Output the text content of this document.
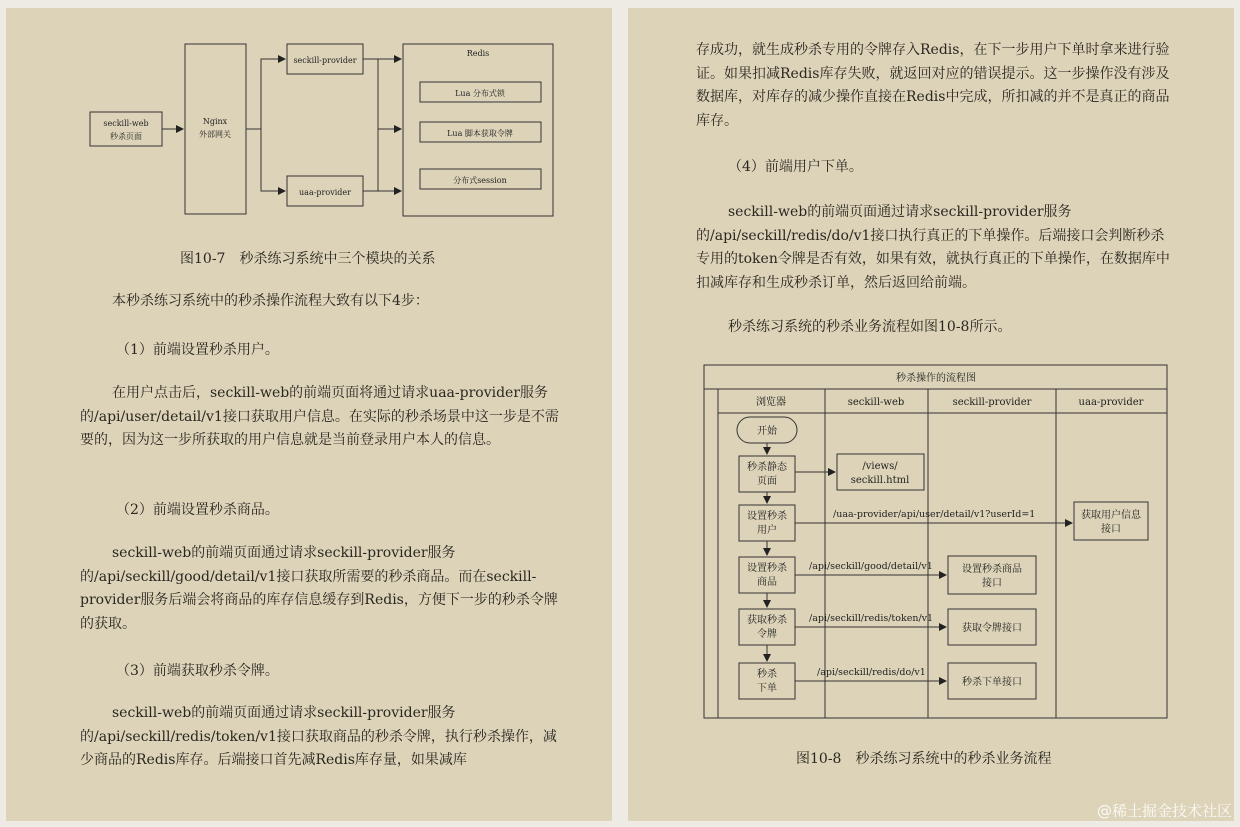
seckill-web
秒杀页面
Nginx
外部网关
seckill-provider
uaa-provider
Redis
Lua 分布式锁
Lua 脚本获取令牌
分布式session
图10-7　秒杀练习系统中三个模块的关系

本秒杀练习系统中的秒杀操作流程大致有以下4步：

（1）前端设置秒杀用户。

在用户点击后，seckill-web的前端页面将通过请求uaa-provider服务的/api/user/detail/v1接口获取用户信息。在实际的秒杀场景中这一步是不需要的，因为这一步所获取的用户信息就是当前登录用户本人的信息。

（2）前端设置秒杀商品。

seckill-web的前端页面通过请求seckill-provider服务的/api/seckill/good/detail/v1接口获取所需要的秒杀商品。而在seckill-provider服务后端会将商品的库存信息缓存到Redis，方便下一步的秒杀令牌的获取。

（3）前端获取秒杀令牌。

seckill-web的前端页面通过请求seckill-provider服务的/api/seckill/redis/token/v1接口获取商品的秒杀令牌，执行秒杀操作，减少商品的Redis库存。后端接口首先减Redis库存量，如果减库

存成功，就生成秒杀专用的令牌存入Redis，在下一步用户下单时拿来进行验证。如果扣减Redis库存失败，就返回对应的错误提示。这一步操作没有涉及数据库，对库存的减少操作直接在Redis中完成，所扣减的并不是真正的商品库存。

（4）前端用户下单。

seckill-web的前端页面通过请求seckill-provider服务的/api/seckill/redis/do/v1接口执行真正的下单操作。后端接口会判断秒杀专用的token令牌是否有效，如果有效，就执行真正的下单操作，在数据库中扣减库存和生成秒杀订单，然后返回给前端。

秒杀练习系统的秒杀业务流程如图10-8所示。

秒杀操作的流程图
浏览器	seckill-web	seckill-provider	uaa-provider
开始
秒杀静态
页面
设置秒杀
用户
设置秒杀
商品
获取秒杀
令牌
秒杀
下单
/views/
seckill.html
获取用户信息
接口
设置秒杀商品
接口
获取令牌接口
秒杀下单接口
/uaa-provider/api/user/detail/v1?userId=1
/api/seckill/good/detail/v1
/api/seckill/redis/token/v1
/api/seckill/redis/do/v1
图10-8　秒杀练习系统中的秒杀业务流程
@稀土掘金技术社区
